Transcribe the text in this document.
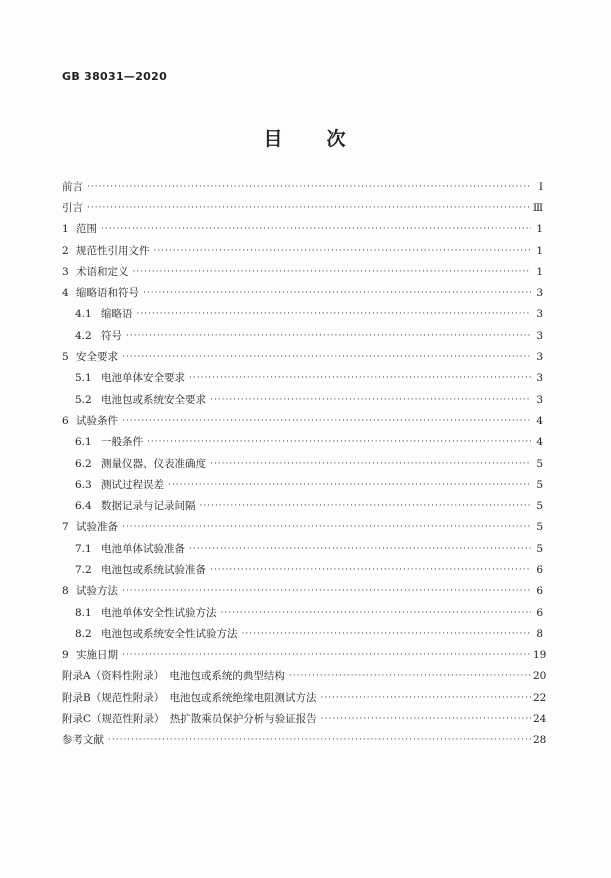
GB 38031—2020
目　　次
前言 ·····	Ⅰ
引言 ·····	Ⅲ
1 范围 ·····	1
2 规范性引用文件 ·····	1
3 术语和定义 ·····	1
4 缩略语和符号 ·····	3
4.1 缩略语 ·····	3
4.2 符号 ·····	3
5 安全要求 ·····	3
5.1 电池单体安全要求 ·····	3
5.2 电池包或系统安全要求 ·····	3
6 试验条件 ·····	4
6.1 一般条件 ·····	4
6.2 测量仪器、仪表准确度 ·····	5
6.3 测试过程误差 ·····	5
6.4 数据记录与记录间隔 ·····	5
7 试验准备 ·····	5
7.1 电池单体试验准备 ·····	5
7.2 电池包或系统试验准备 ·····	6
8 试验方法 ·····	6
8.1 电池单体安全性试验方法 ·····	6
8.2 电池包或系统安全性试验方法 ·····	8
9 实施日期 ·····	19
附录A（资料性附录）　电池包或系统的典型结构 ·····	20
附录B（规范性附录）　电池包或系统绝缘电阻测试方法 ·····	22
附录C（规范性附录）　热扩散乘员保护分析与验证报告 ·····	24
参考文献 ·····	28
